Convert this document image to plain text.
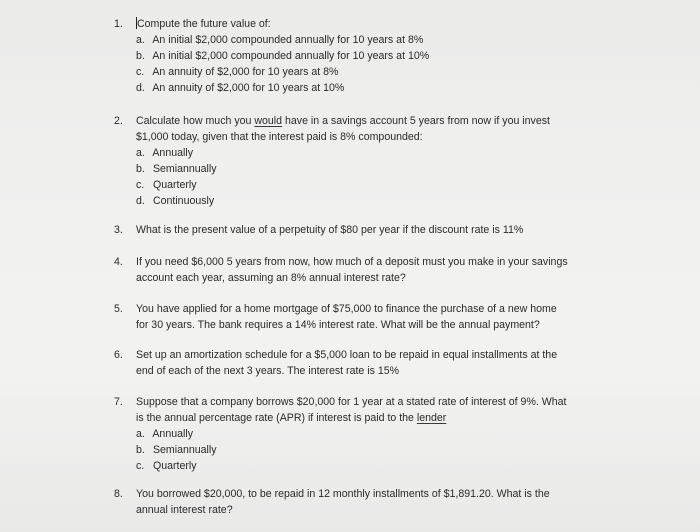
1. Compute the future value of:
a. An initial $2,000 compounded annually for 10 years at 8%
b. An initial $2,000 compounded annually for 10 years at 10%
c. An annuity of $2,000 for 10 years at 8%
d. An annuity of $2,000 for 10 years at 10%
2. Calculate how much you would have in a savings account 5 years from now if you invest
$1,000 today, given that the interest paid is 8% compounded:
a. Annually
b. Semiannually
c. Quarterly
d. Continuously
3. What is the present value of a perpetuity of $80 per year if the discount rate is 11%
4. If you need $6,000 5 years from now, how much of a deposit must you make in your savings
account each year, assuming an 8% annual interest rate?
5. You have applied for a home mortgage of $75,000 to finance the purchase of a new home
for 30 years. The bank requires a 14% interest rate. What will be the annual payment?
6. Set up an amortization schedule for a $5,000 loan to be repaid in equal installments at the
end of each of the next 3 years. The interest rate is 15%
7. Suppose that a company borrows $20,000 for 1 year at a stated rate of interest of 9%. What
is the annual percentage rate (APR) if interest is paid to the lender
a. Annually
b. Semiannually
c. Quarterly
8. You borrowed $20,000, to be repaid in 12 monthly installments of $1,891.20. What is the
annual interest rate?
